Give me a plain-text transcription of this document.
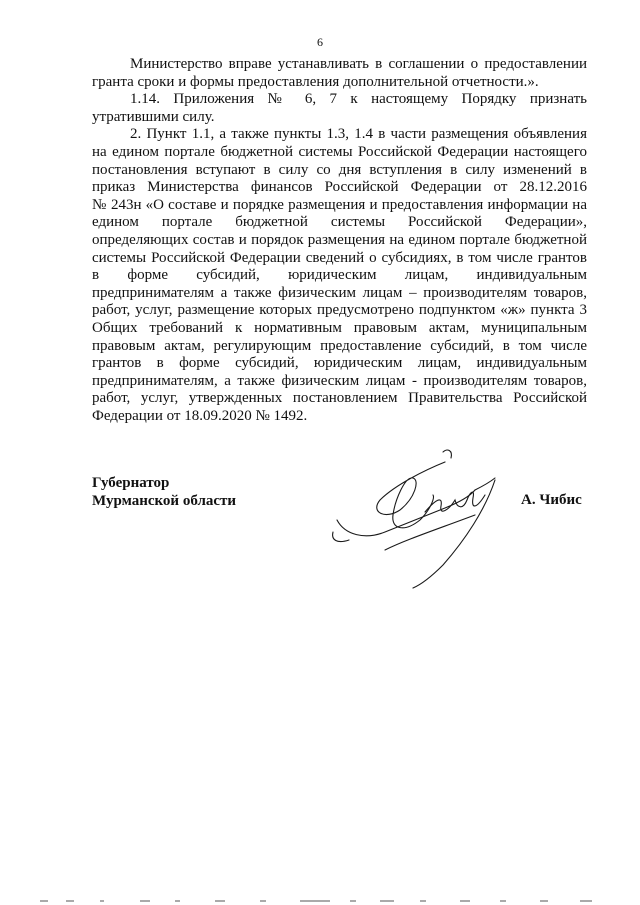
6
Министерство вправе устанавливать в соглашении о предоставлении
гранта сроки и формы предоставления дополнительной отчетности.».
1.14. Приложения № 6, 7 к настоящему Порядку признать
утратившими силу.
2. Пункт 1.1, а также пункты 1.3, 1.4 в части размещения объявления
на едином портале бюджетной системы Российской Федерации настоящего
постановления вступают в силу со дня вступления в силу изменений в
приказ Министерства финансов Российской Федерации от 28.12.2016
№ 243н «О составе и порядке размещения и предоставления информации на
едином портале бюджетной системы Российской Федерации»,
определяющих состав и порядок размещения на едином портале бюджетной
системы Российской Федерации сведений о субсидиях, в том числе грантов
в форме субсидий, юридическим лицам, индивидуальным
предпринимателям а также физическим лицам – производителям товаров,
работ, услуг, размещение которых предусмотрено подпунктом «ж» пункта 3
Общих требований к нормативным правовым актам, муниципальным
правовым актам, регулирующим предоставление субсидий, в том числе
грантов в форме субсидий, юридическим лицам, индивидуальным
предпринимателям, а также физическим лицам - производителям товаров,
работ, услуг, утвержденных постановлением Правительства Российской
Федерации от 18.09.2020 № 1492.
Губернатор
Мурманской области	А. Чибис
